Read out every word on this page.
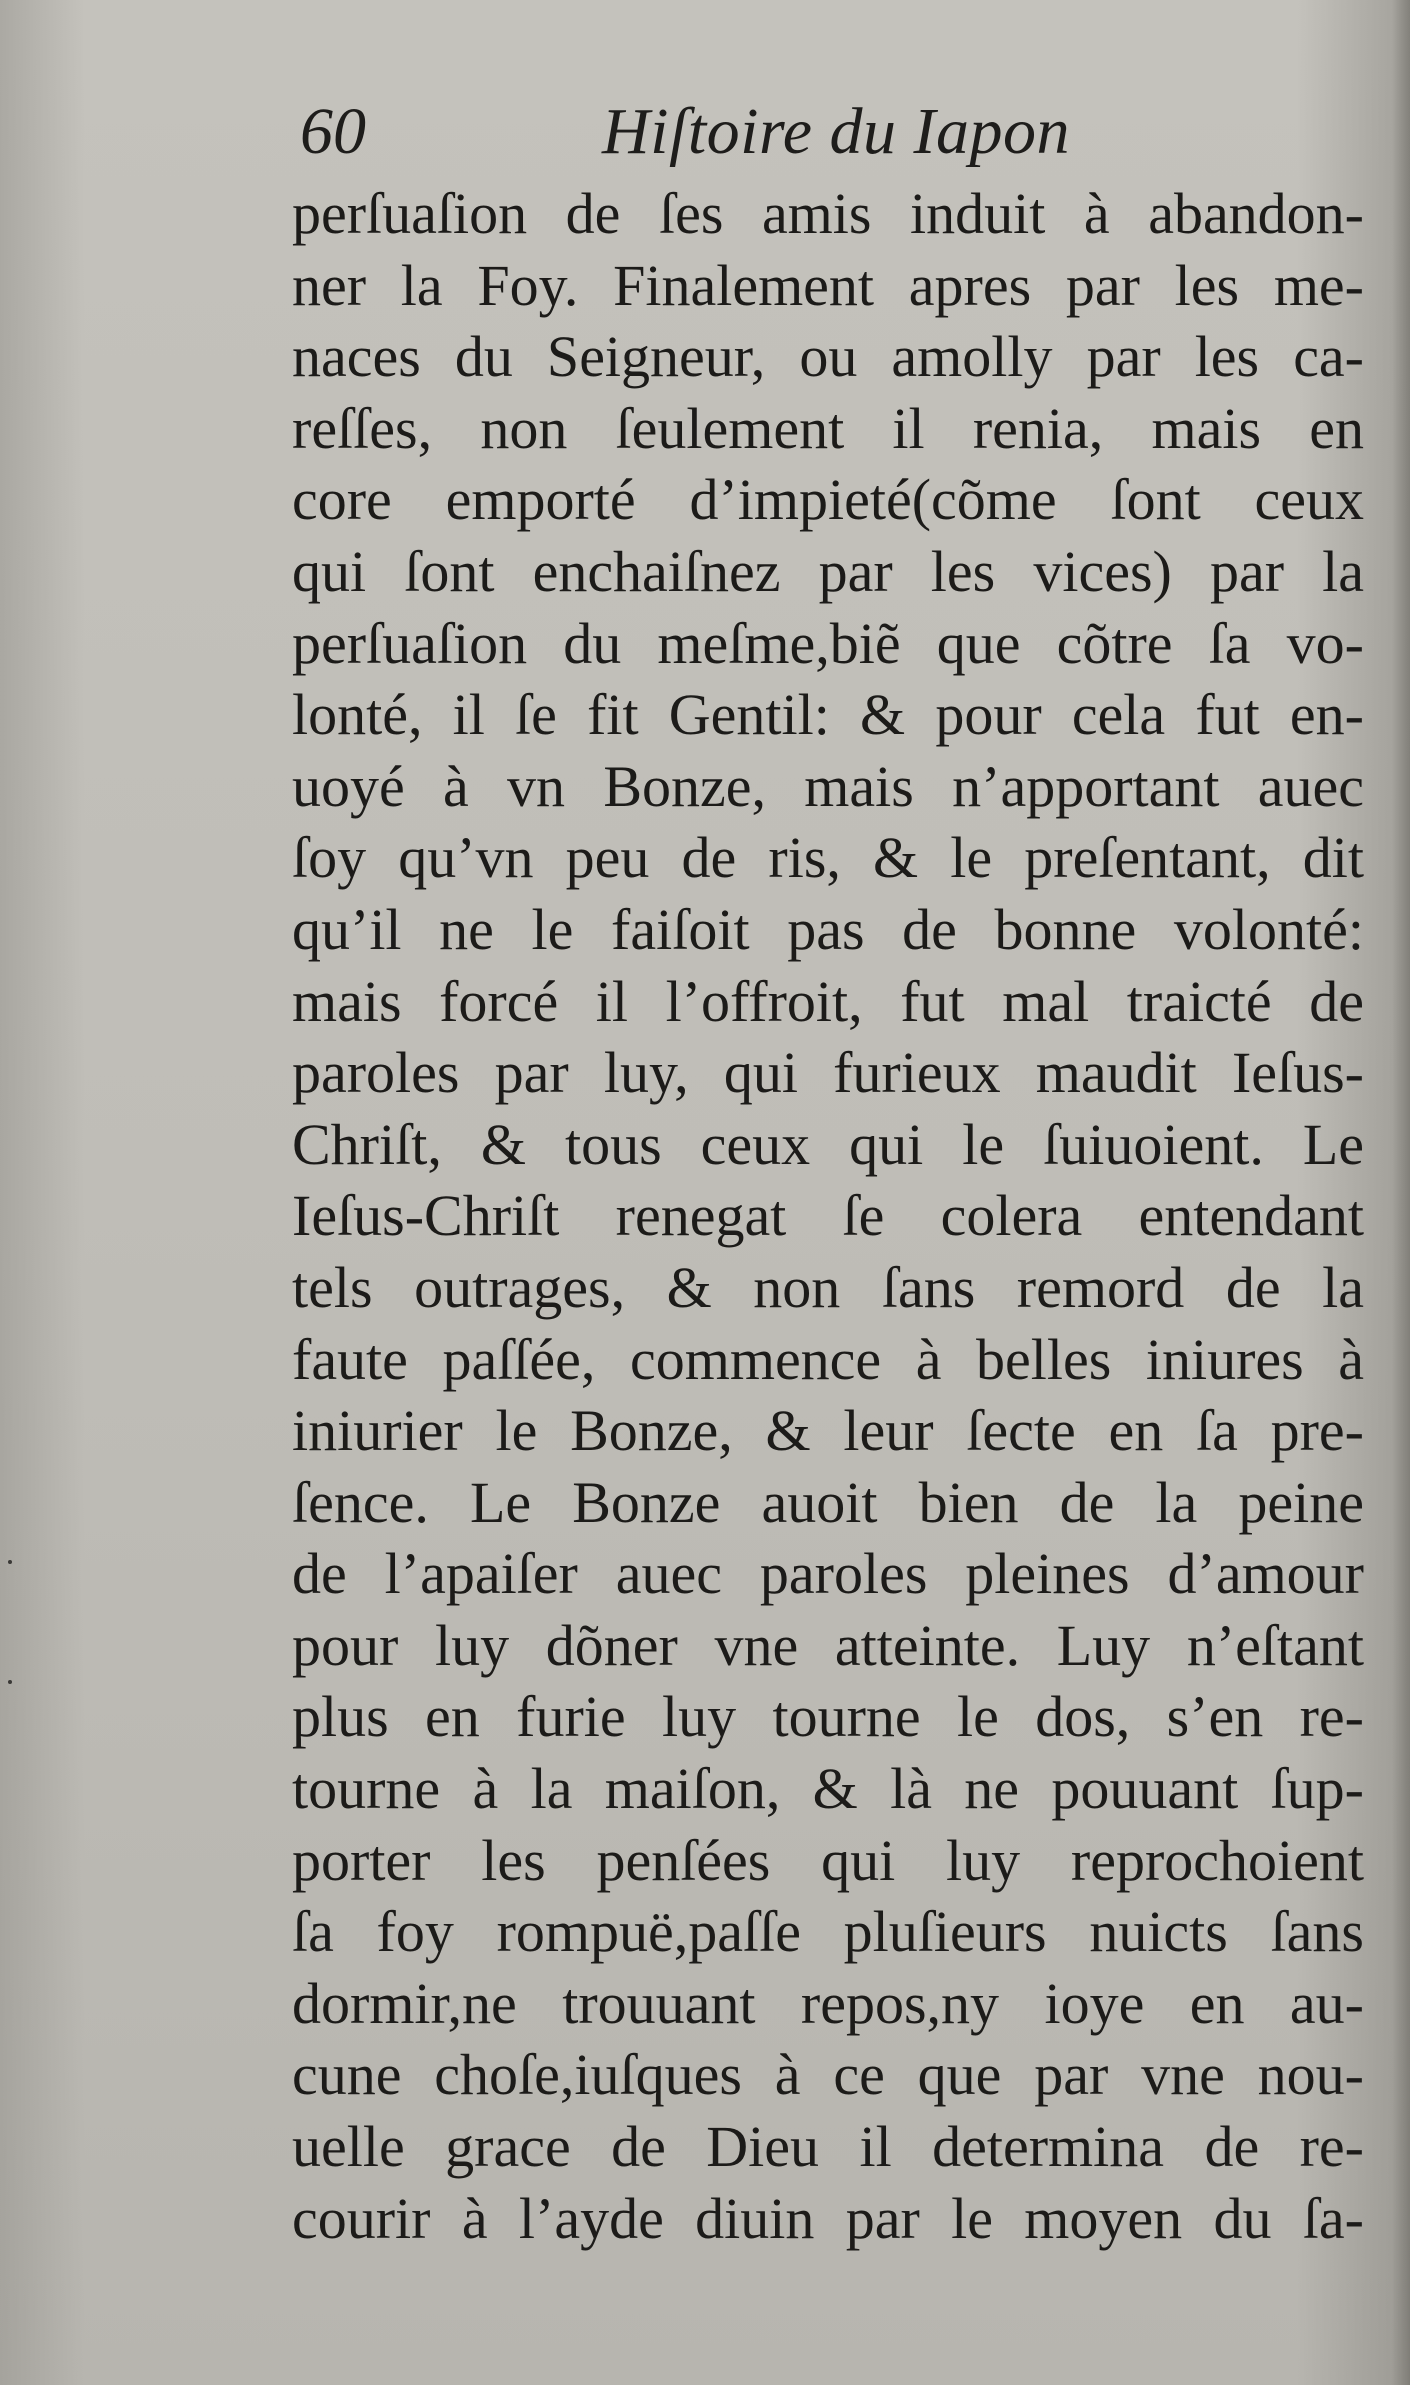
60	Hiſtoire du Iapon
perſuaſion de ſes amis induit à abandon-
ner la Foy. Finalement apres par les me-
naces du Seigneur, ou amolly par les ca-
reſſes, non ſeulement il renia, mais en
core emporté d’impieté(cõme ſont ceux
qui ſont enchaiſnez par les vices) par la
perſuaſion du meſme,biẽ que cõtre ſa vo-
lonté, il ſe fit Gentil: & pour cela fut en-
uoyé à vn Bonze, mais n’apportant auec
ſoy qu’vn peu de ris, & le preſentant, dit
qu’il ne le faiſoit pas de bonne volonté:
mais forcé il l’offroit, fut mal traicté de
paroles par luy, qui furieux maudit Ieſus-
Chriſt, & tous ceux qui le ſuiuoient. Le
Ieſus-Chriſt renegat ſe colera entendant
tels outrages, & non ſans remord de la
faute paſſée, commence à belles iniures à
iniurier le Bonze, & leur ſecte en ſa pre-
ſence. Le Bonze auoit bien de la peine
de l’apaiſer auec paroles pleines d’amour
pour luy dõner vne atteinte. Luy n’eſtant
plus en furie luy tourne le dos, s’en re-
tourne à la maiſon, & là ne pouuant ſup-
porter les penſées qui luy reprochoient
ſa foy rompuë,paſſe pluſieurs nuicts ſans
dormir,ne trouuant repos,ny ioye en au-
cune choſe,iuſques à ce que par vne nou-
uelle grace de Dieu il determina de re-
courir à l’ayde diuin par le moyen du ſa-
